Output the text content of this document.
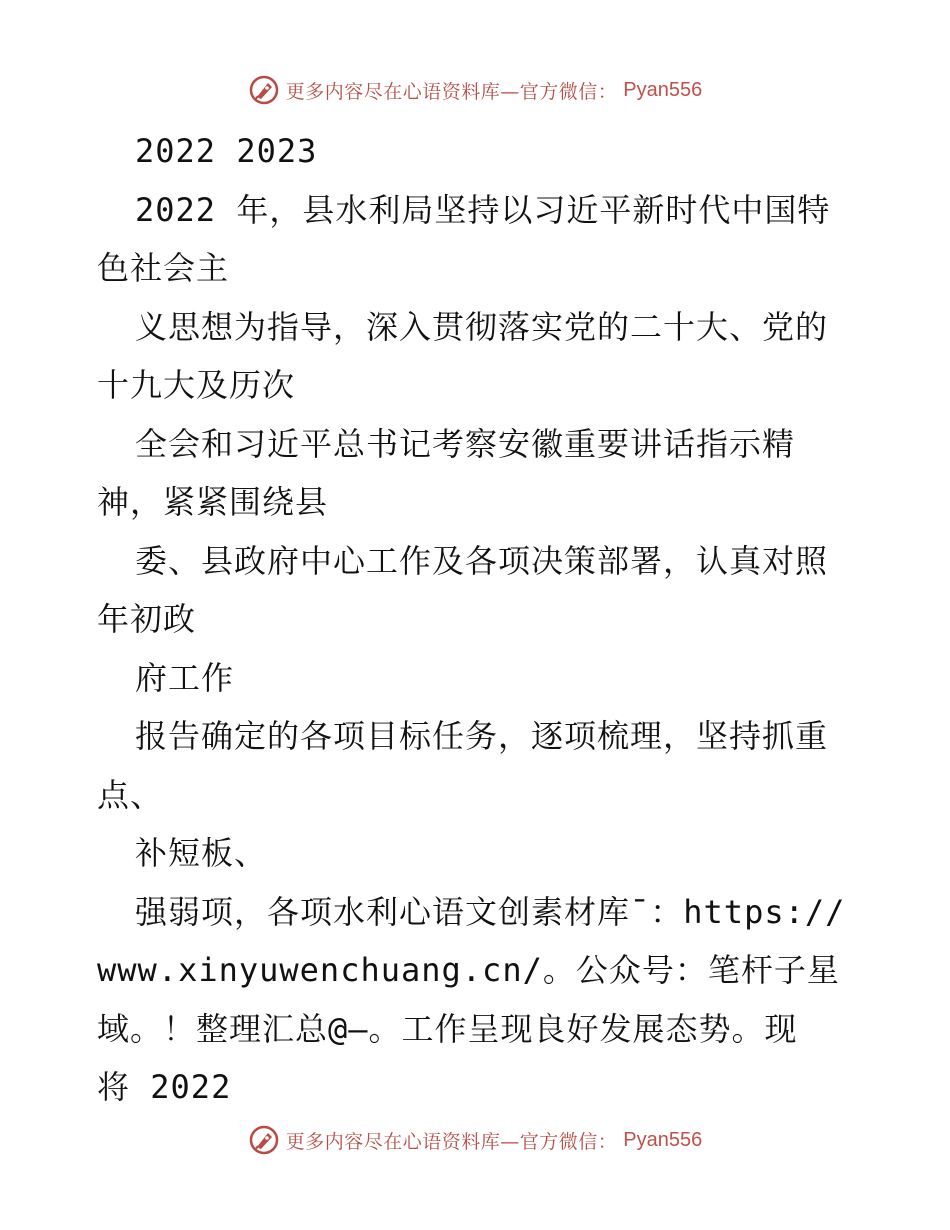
更多内容尽在心语资料库—官方微信： Pyan556
2022 2023
2022 年，县水利局坚持以习近平新时代中国特
色社会主
义思想为指导，深入贯彻落实党的二十大、党的
十九大及历次
全会和习近平总书记考察安徽重要讲话指示精
神，紧紧围绕县
委、县政府中心工作及各项决策部署，认真对照
年初政
府工作
报告确定的各项目标任务，逐项梳理，坚持抓重
点、
补短板、
强弱项，各项水利心语文创素材库¯：https://
www.xinyuwenchuang.cn/。公众号：笔杆子星
域。！整理汇总@—。工作呈现良好发展态势。现
将 2022
更多内容尽在心语资料库—官方微信： Pyan556
